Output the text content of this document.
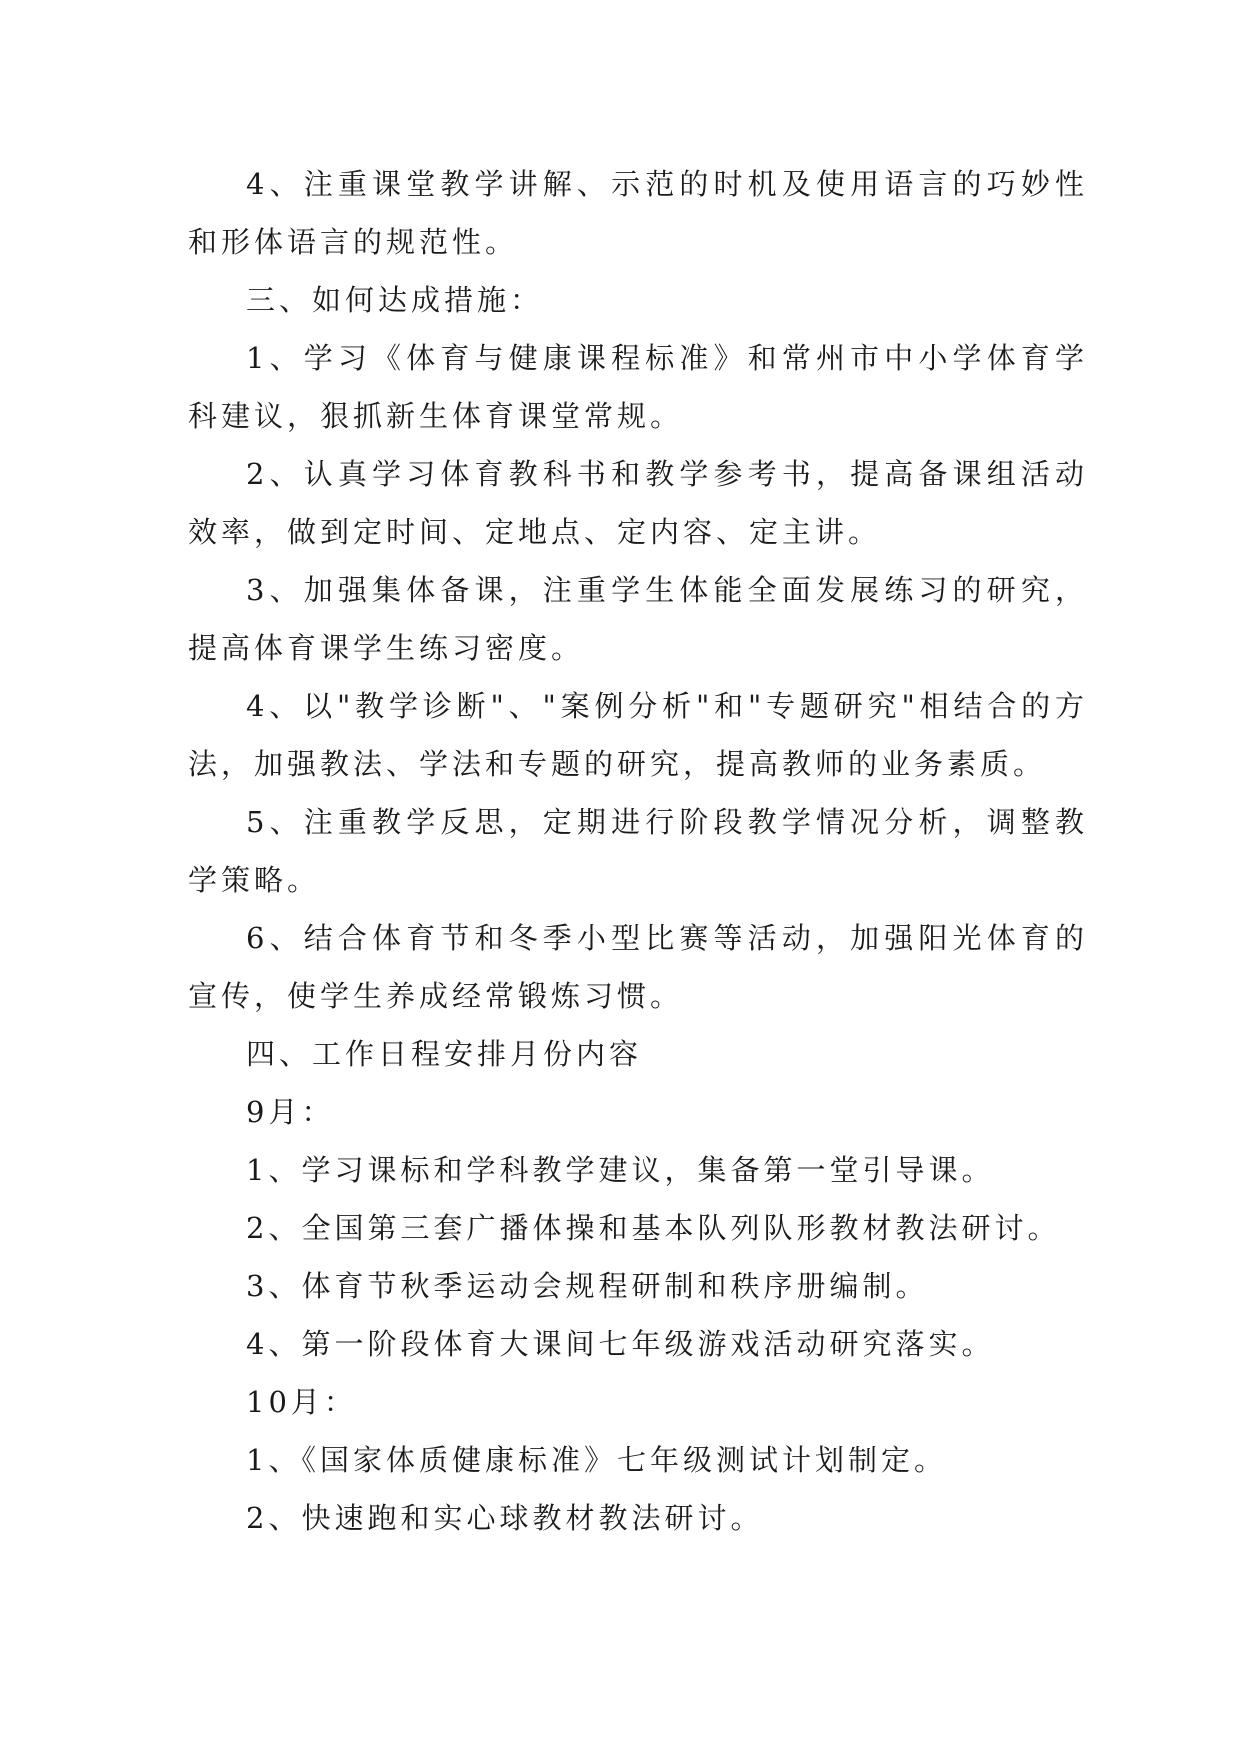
4、注重课堂教学讲解、示范的时机及使用语言的巧妙性和形体语言的规范性。

三、如何达成措施：

1、学习《体育与健康课程标准》和常州市中小学体育学科建议，狠抓新生体育课堂常规。

2、认真学习体育教科书和教学参考书，提高备课组活动效率，做到定时间、定地点、定内容、定主讲。

3、加强集体备课，注重学生体能全面发展练习的研究，提高体育课学生练习密度。

4、以"教学诊断"、"案例分析"和"专题研究"相结合的方法，加强教法、学法和专题的研究，提高教师的业务素质。

5、注重教学反思，定期进行阶段教学情况分析，调整教学策略。

6、结合体育节和冬季小型比赛等活动，加强阳光体育的宣传，使学生养成经常锻炼习惯。

四、工作日程安排月份内容

9月：

1、学习课标和学科教学建议，集备第一堂引导课。

2、全国第三套广播体操和基本队列队形教材教法研讨。

3、体育节秋季运动会规程研制和秩序册编制。

4、第一阶段体育大课间七年级游戏活动研究落实。

10月：

1、《国家体质健康标准》七年级测试计划制定。

2、快速跑和实心球教材教法研讨。
